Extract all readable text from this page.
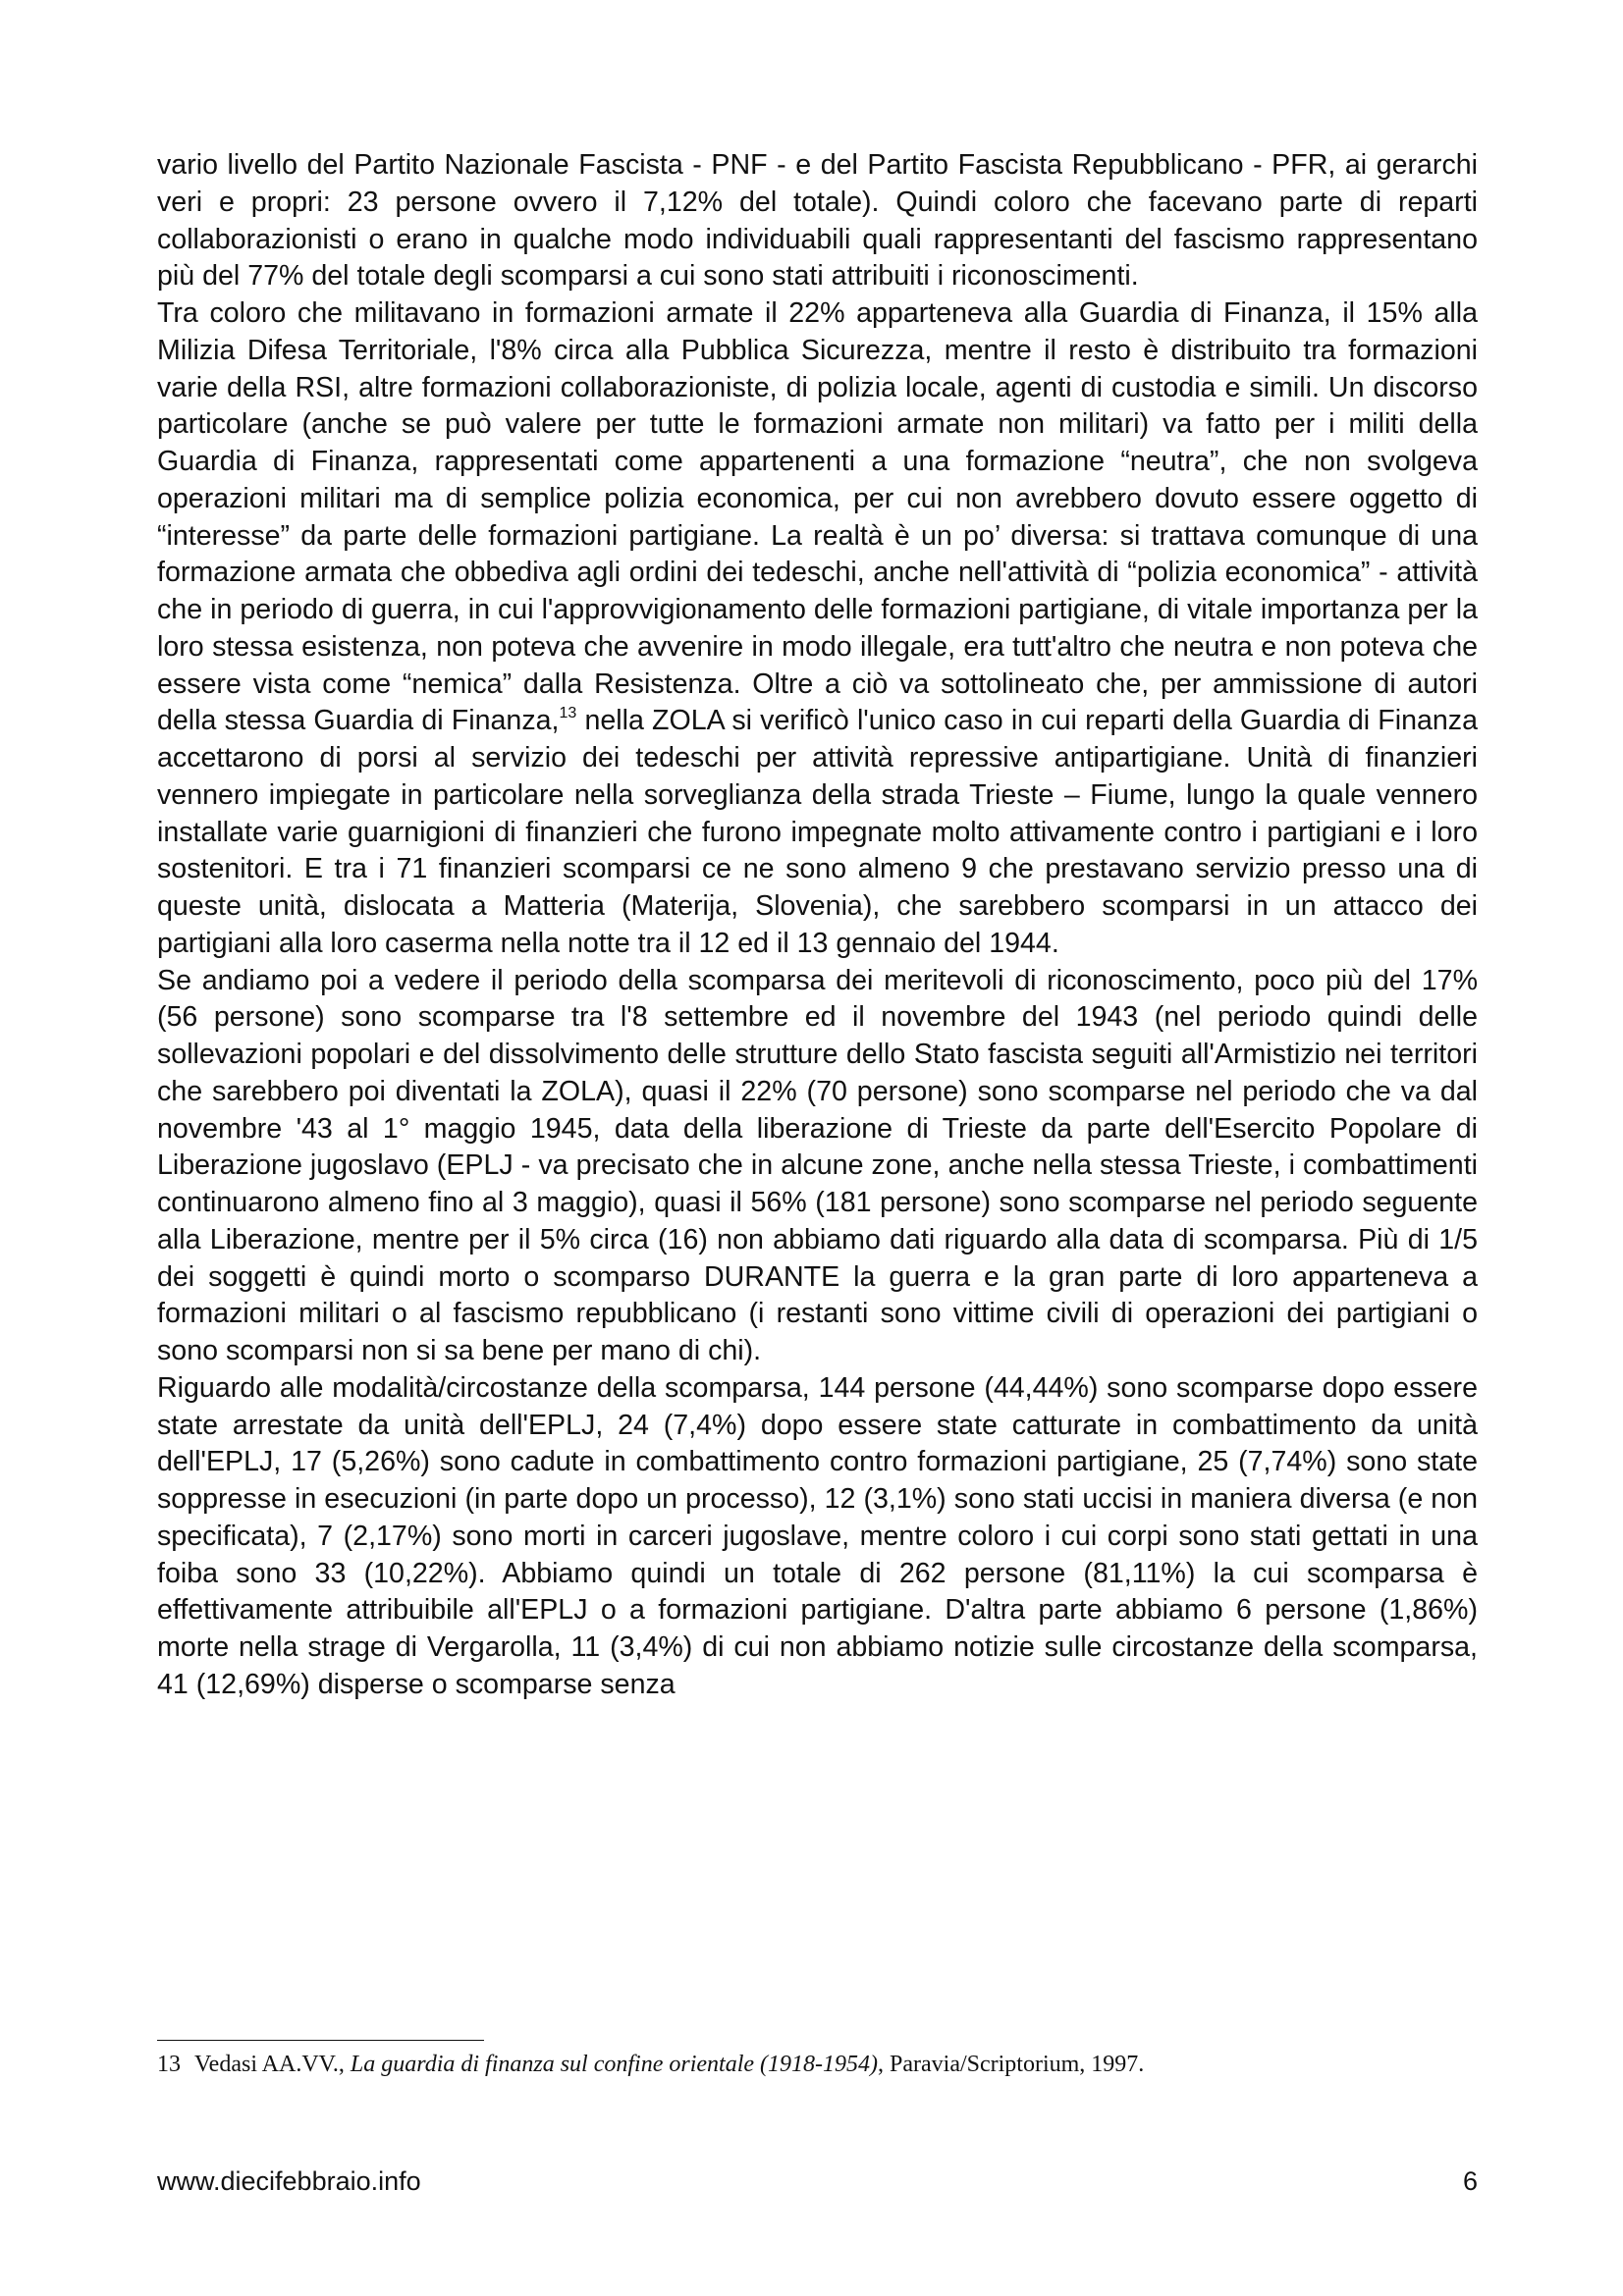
vario livello del Partito Nazionale Fascista - PNF - e del Partito Fascista Repubblicano - PFR, ai gerarchi veri e propri: 23 persone ovvero il 7,12% del totale). Quindi coloro che facevano parte di reparti collaborazionisti o erano in qualche modo individuabili quali rappresentanti del fascismo rappresentano più del 77% del totale degli scomparsi a cui sono stati attribuiti i riconoscimenti.

Tra coloro che militavano in formazioni armate il 22% apparteneva alla Guardia di Finanza, il 15% alla Milizia Difesa Territoriale, l'8% circa alla Pubblica Sicurezza, mentre il resto è distribuito tra formazioni varie della RSI, altre formazioni collaborazioniste, di polizia locale, agenti di custodia e simili. Un discorso particolare (anche se può valere per tutte le formazioni armate non militari) va fatto per i militi della Guardia di Finanza, rappresentati come appartenenti a una formazione “neutra”, che non svolgeva operazioni militari ma di semplice polizia economica, per cui non avrebbero dovuto essere oggetto di “interesse” da parte delle formazioni partigiane. La realtà è un po’ diversa: si trattava comunque di una formazione armata che obbediva agli ordini dei tedeschi, anche nell'attività di “polizia economica” - attività che in periodo di guerra, in cui l'approvvigionamento delle formazioni partigiane, di vitale importanza per la loro stessa esistenza, non poteva che avvenire in modo illegale, era tutt'altro che neutra e non poteva che essere vista come “nemica” dalla Resistenza. Oltre a ciò va sottolineato che, per ammissione di autori della stessa Guardia di Finanza,$^{13}$ nella ZOLA si verificò l'unico caso in cui reparti della Guardia di Finanza accettarono di porsi al servizio dei tedeschi per attività repressive antipartigiane. Unità di finanzieri vennero impiegate in particolare nella sorveglianza della strada Trieste – Fiume, lungo la quale vennero installate varie guarnigioni di finanzieri che furono impegnate molto attivamente contro i partigiani e i loro sostenitori. E tra i 71 finanzieri scomparsi ce ne sono almeno 9 che prestavano servizio presso una di queste unità, dislocata a Matteria (Materija, Slovenia), che sarebbero scomparsi in un attacco dei partigiani alla loro caserma nella notte tra il 12 ed il 13 gennaio del 1944.

Se andiamo poi a vedere il periodo della scomparsa dei meritevoli di riconoscimento, poco più del 17% (56 persone) sono scomparse tra l'8 settembre ed il novembre del 1943 (nel periodo quindi delle sollevazioni popolari e del dissolvimento delle strutture dello Stato fascista seguiti all'Armistizio nei territori che sarebbero poi diventati la ZOLA), quasi il 22% (70 persone) sono scomparse nel periodo che va dal novembre '43 al 1° maggio 1945, data della liberazione di Trieste da parte dell'Esercito Popolare di Liberazione jugoslavo (EPLJ - va precisato che in alcune zone, anche nella stessa Trieste, i combattimenti continuarono almeno fino al 3 maggio), quasi il 56% (181 persone) sono scomparse nel periodo seguente alla Liberazione, mentre per il 5% circa (16) non abbiamo dati riguardo alla data di scomparsa. Più di 1/5 dei soggetti è quindi morto o scomparso DURANTE la guerra e la gran parte di loro apparteneva a formazioni militari o al fascismo repubblicano (i restanti sono vittime civili di operazioni dei partigiani o sono scomparsi non si sa bene per mano di chi).

Riguardo alle modalità/circostanze della scomparsa, 144 persone (44,44%) sono scomparse dopo essere state arrestate da unità dell'EPLJ, 24 (7,4%) dopo essere state catturate in combattimento da unità dell'EPLJ, 17 (5,26%) sono cadute in combattimento contro formazioni partigiane, 25 (7,74%) sono state soppresse in esecuzioni (in parte dopo un processo), 12 (3,1%) sono stati uccisi in maniera diversa (e non specificata), 7 (2,17%) sono morti in carceri jugoslave, mentre coloro i cui corpi sono stati gettati in una foiba sono 33 (10,22%). Abbiamo quindi un totale di 262 persone (81,11%) la cui scomparsa è effettivamente attribuibile all'EPLJ o a formazioni partigiane. D'altra parte abbiamo 6 persone (1,86%) morte nella strage di Vergarolla, 11 (3,4%) di cui non abbiamo notizie sulle circostanze della scomparsa, 41 (12,69%) disperse o scomparse senza

13 Vedasi AA.VV., La guardia di finanza sul confine orientale (1918-1954), Paravia/Scriptorium, 1997.
www.diecifebbraio.info	6
